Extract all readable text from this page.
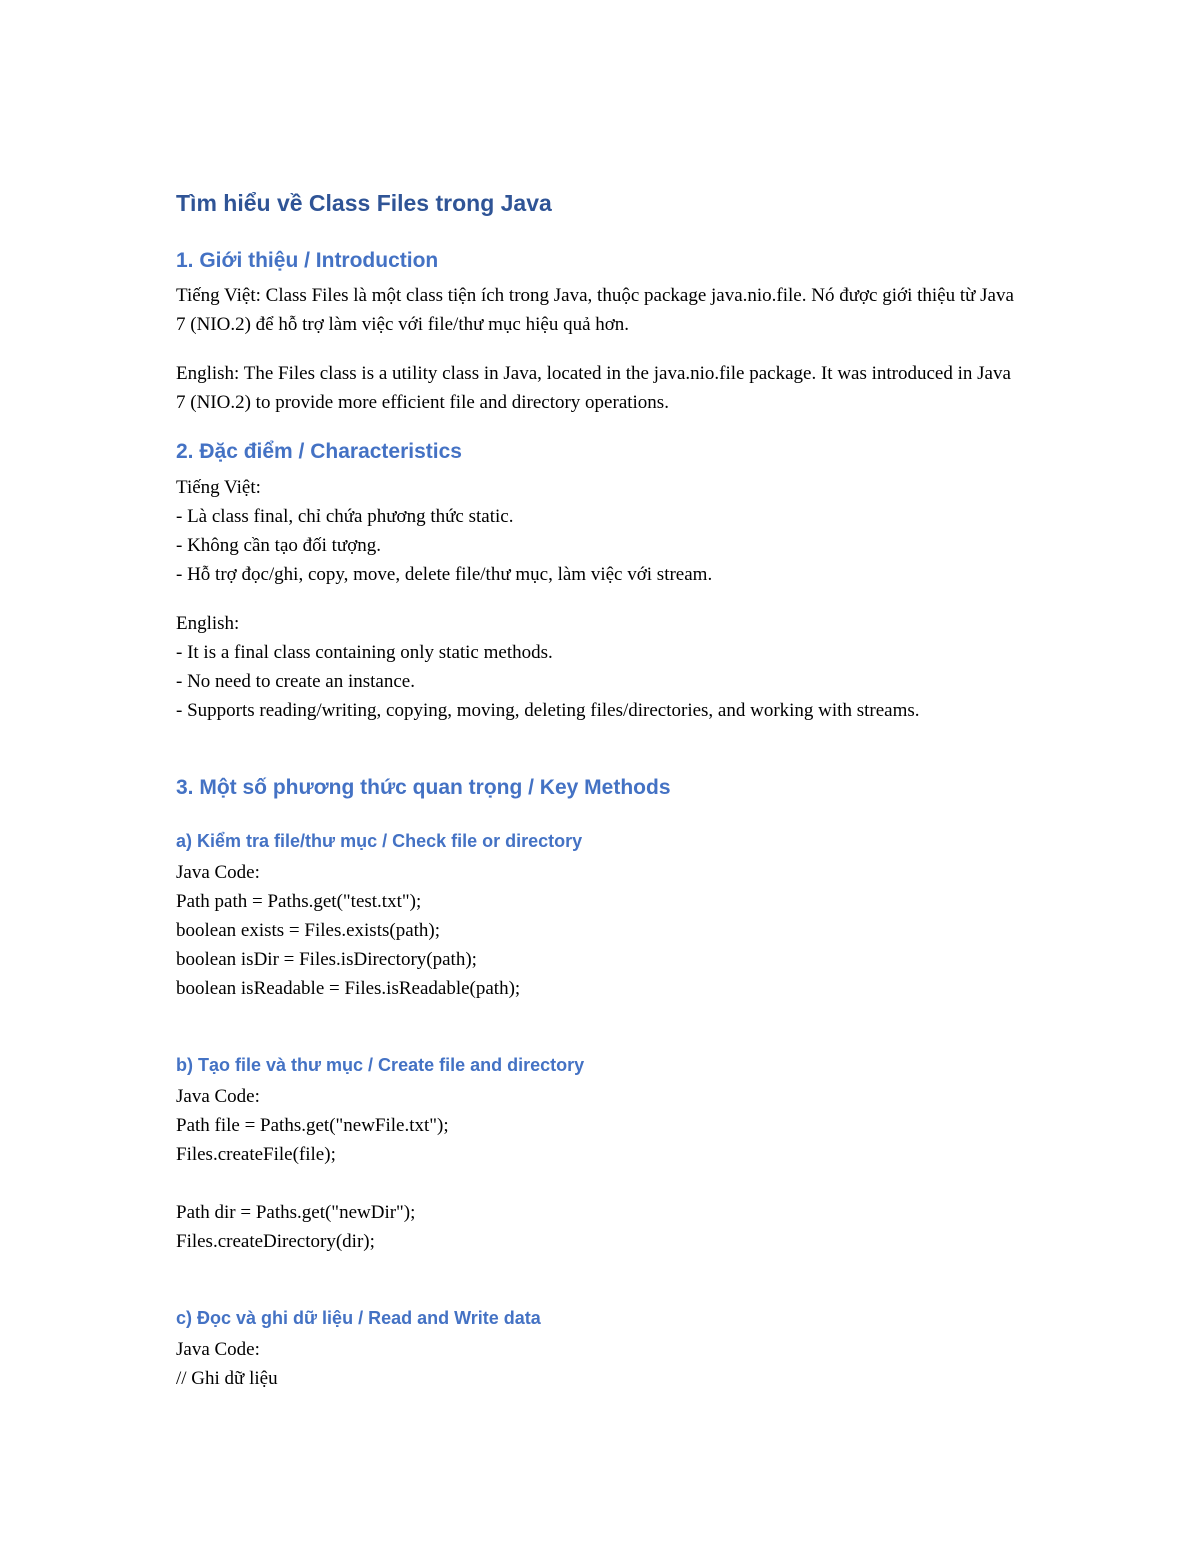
Tìm hiểu về Class Files trong Java
1. Giới thiệu / Introduction
Tiếng Việt: Class Files là một class tiện ích trong Java, thuộc package java.nio.file. Nó được giới thiệu từ Java 7 (NIO.2) để hỗ trợ làm việc với file/thư mục hiệu quả hơn.
English: The Files class is a utility class in Java, located in the java.nio.file package. It was introduced in Java 7 (NIO.2) to provide more efficient file and directory operations.
2. Đặc điểm / Characteristics
Tiếng Việt:
- Là class final, chỉ chứa phương thức static.
- Không cần tạo đối tượng.
- Hỗ trợ đọc/ghi, copy, move, delete file/thư mục, làm việc với stream.
English:
- It is a final class containing only static methods.
- No need to create an instance.
- Supports reading/writing, copying, moving, deleting files/directories, and working with streams.
3. Một số phương thức quan trọng / Key Methods
a) Kiểm tra file/thư mục / Check file or directory
Java Code:
Path path = Paths.get("test.txt");
boolean exists = Files.exists(path);
boolean isDir = Files.isDirectory(path);
boolean isReadable = Files.isReadable(path);
b) Tạo file và thư mục / Create file and directory
Java Code:
Path file = Paths.get("newFile.txt");
Files.createFile(file);
Path dir = Paths.get("newDir");
Files.createDirectory(dir);
c) Đọc và ghi dữ liệu / Read and Write data
Java Code:
// Ghi dữ liệu
